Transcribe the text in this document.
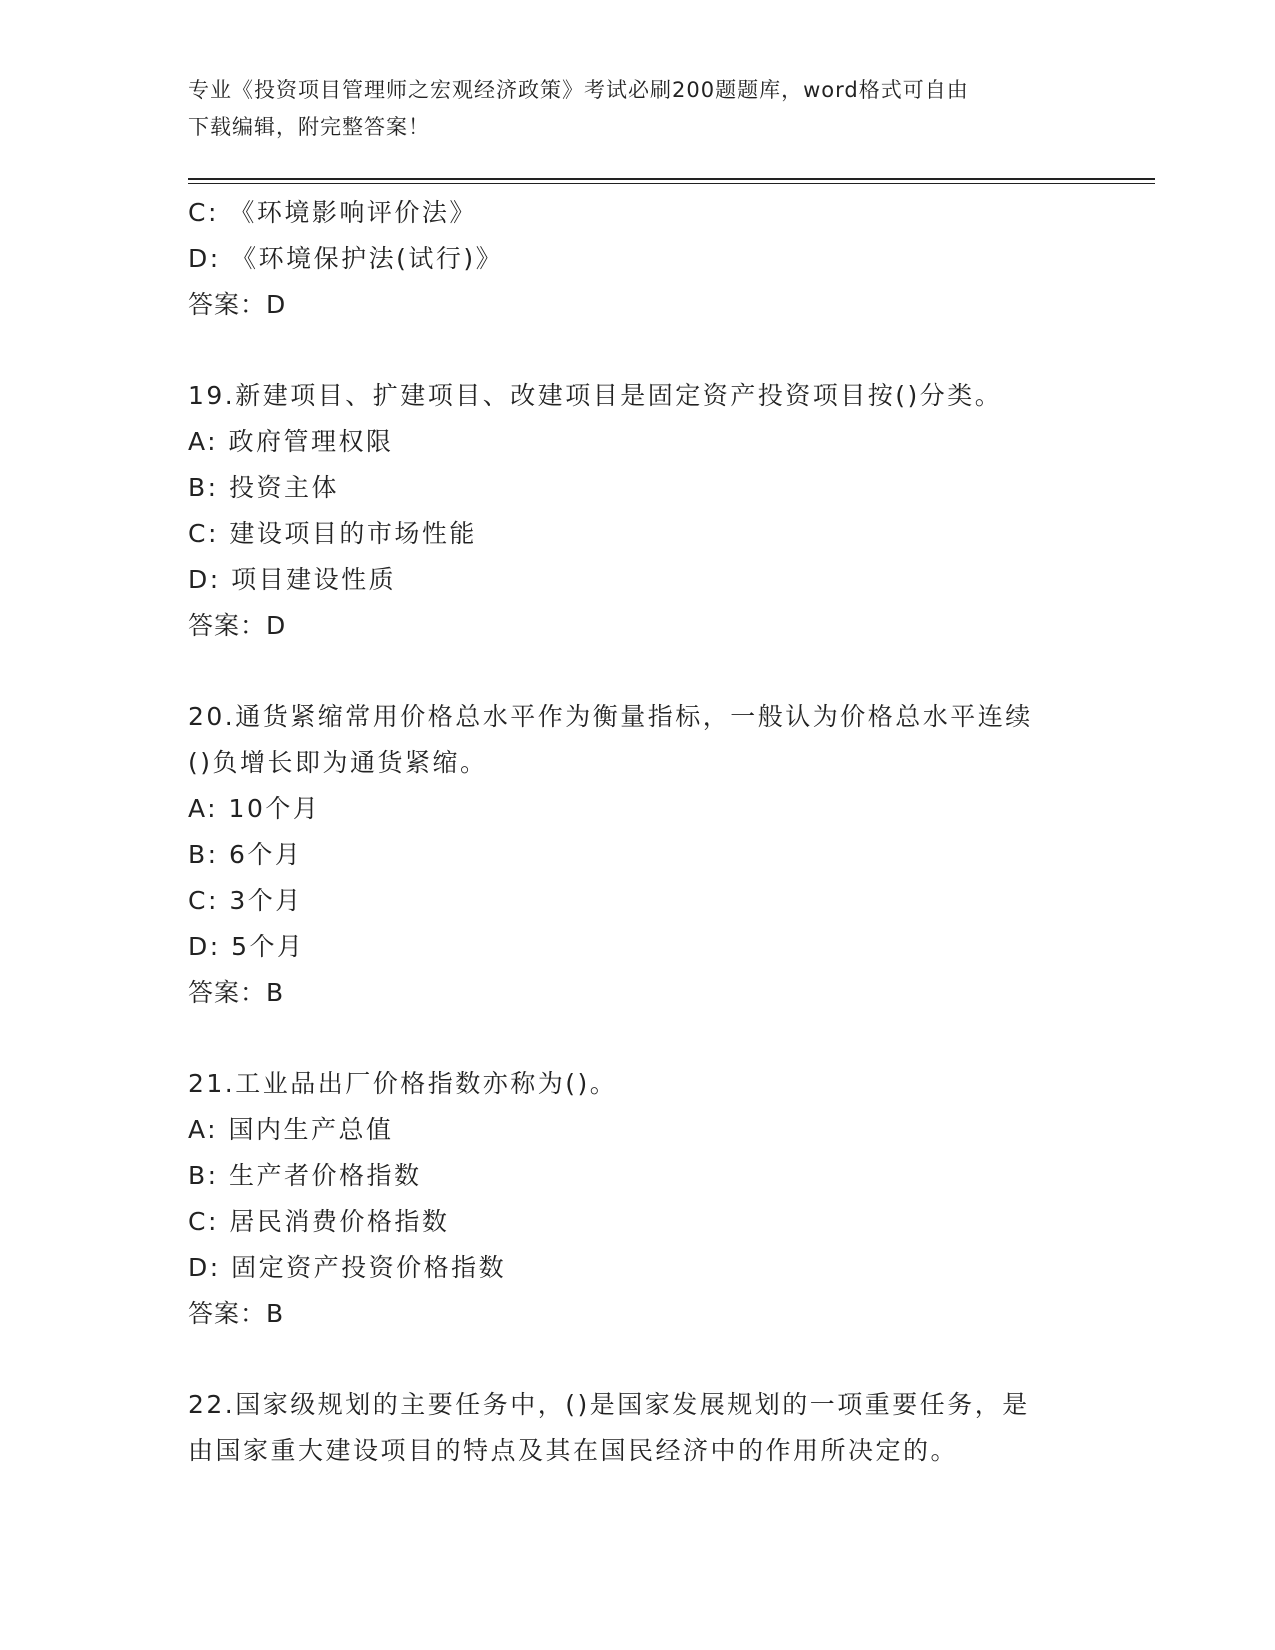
专业《投资项目管理师之宏观经济政策》考试必刷200题题库，word格式可自由
下载编辑，附完整答案！
C: 《环境影响评价法》
D: 《环境保护法(试行)》
答案：D
19.新建项目、扩建项目、改建项目是固定资产投资项目按()分类。
A: 政府管理权限
B: 投资主体
C: 建设项目的市场性能
D: 项目建设性质
答案：D
20.通货紧缩常用价格总水平作为衡量指标，一般认为价格总水平连续
()负增长即为通货紧缩。
A: 10个月
B: 6个月
C: 3个月
D: 5个月
答案：B
21.工业品出厂价格指数亦称为()。
A: 国内生产总值
B: 生产者价格指数
C: 居民消费价格指数
D: 固定资产投资价格指数
答案：B
22.国家级规划的主要任务中，()是国家发展规划的一项重要任务，是
由国家重大建设项目的特点及其在国民经济中的作用所决定的。
